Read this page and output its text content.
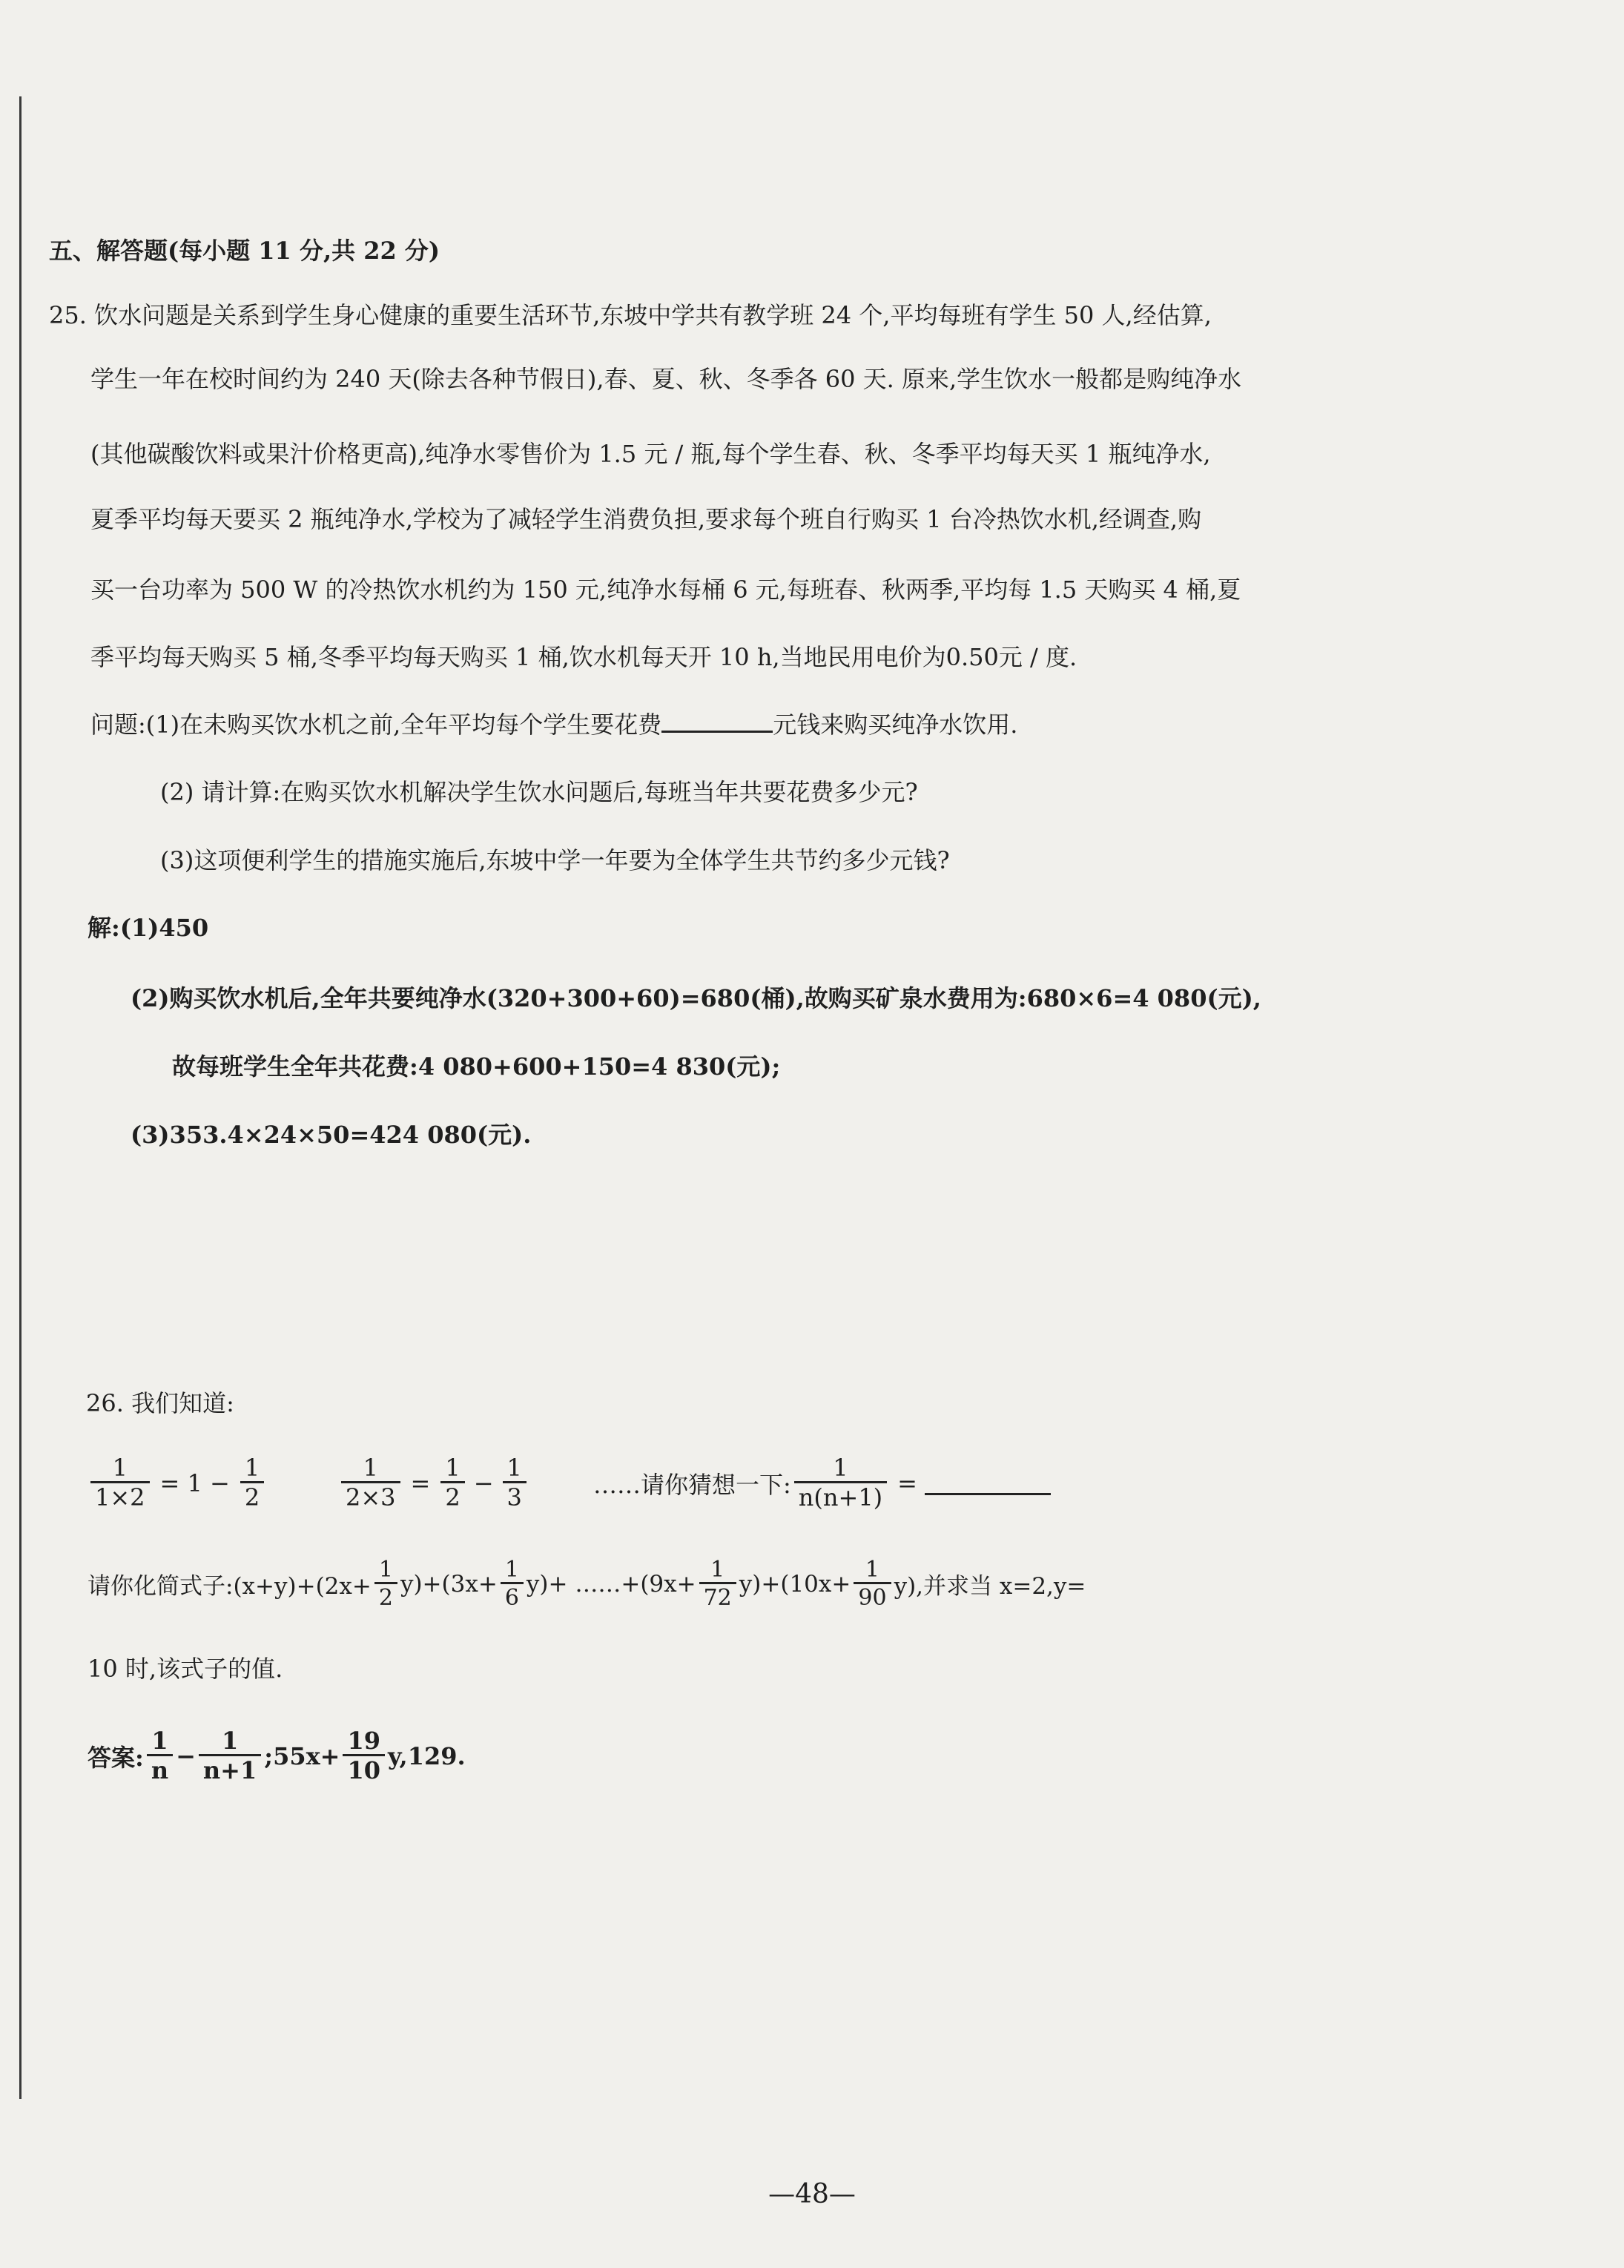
五、解答题(每小题 11 分,共 22 分)
25. 饮水问题是关系到学生身心健康的重要生活环节,东坡中学共有教学班 24 个,平均每班有学生 50 人,经估算,
学生一年在校时间约为 240 天(除去各种节假日),春、夏、秋、冬季各 60 天. 原来,学生饮水一般都是购纯净水
(其他碳酸饮料或果汁价格更高),纯净水零售价为 1.5 元 / 瓶,每个学生春、秋、冬季平均每天买 1 瓶纯净水,
夏季平均每天要买 2 瓶纯净水,学校为了减轻学生消费负担,要求每个班自行购买 1 台冷热饮水机,经调查,购
买一台功率为 500 W 的冷热饮水机约为 150 元,纯净水每桶 6 元,每班春、秋两季,平均每 1.5 天购买 4 桶,夏
季平均每天购买 5 桶,冬季平均每天购买 1 桶,饮水机每天开 10 h,当地民用电价为0.50元 / 度.
问题:(1)在未购买饮水机之前,全年平均每个学生要花费	元钱来购买纯净水饮用.
(2) 请计算:在购买饮水机解决学生饮水问题后,每班当年共要花费多少元?
(3)这项便利学生的措施实施后,东坡中学一年要为全体学生共节约多少元钱?
解:(1)450
(2)购买饮水机后,全年共要纯净水(320+300+60)=680(桶),故购买矿泉水费用为:680×6=4 080(元),
故每班学生全年共花费:4 080+600+150=4 830(元);
(3)353.4×24×50=424 080(元).
26. 我们知道:
$\frac{1}{1\times 2} = 1 - \frac{1}{2}$	$\frac{1}{2\times 3} = \frac{1}{2} - \frac{1}{3}$	……请你猜想一下: $\frac{1}{n(n+1)}$ =
请你化简式子:(x+y)+(2x+ $\frac{1}{2} y)+(3x+ \frac{1}{6} y)+$ ……+(9x+ $\frac{1}{72} y)+(10x+ \frac{1}{90} y)$,并求当 x=2,y=
10 时,该式子的值.
答案: $\frac{1}{n} - \frac{1}{n+1}$ ;55x+ $\frac{19}{10} y,129$.
—48—
